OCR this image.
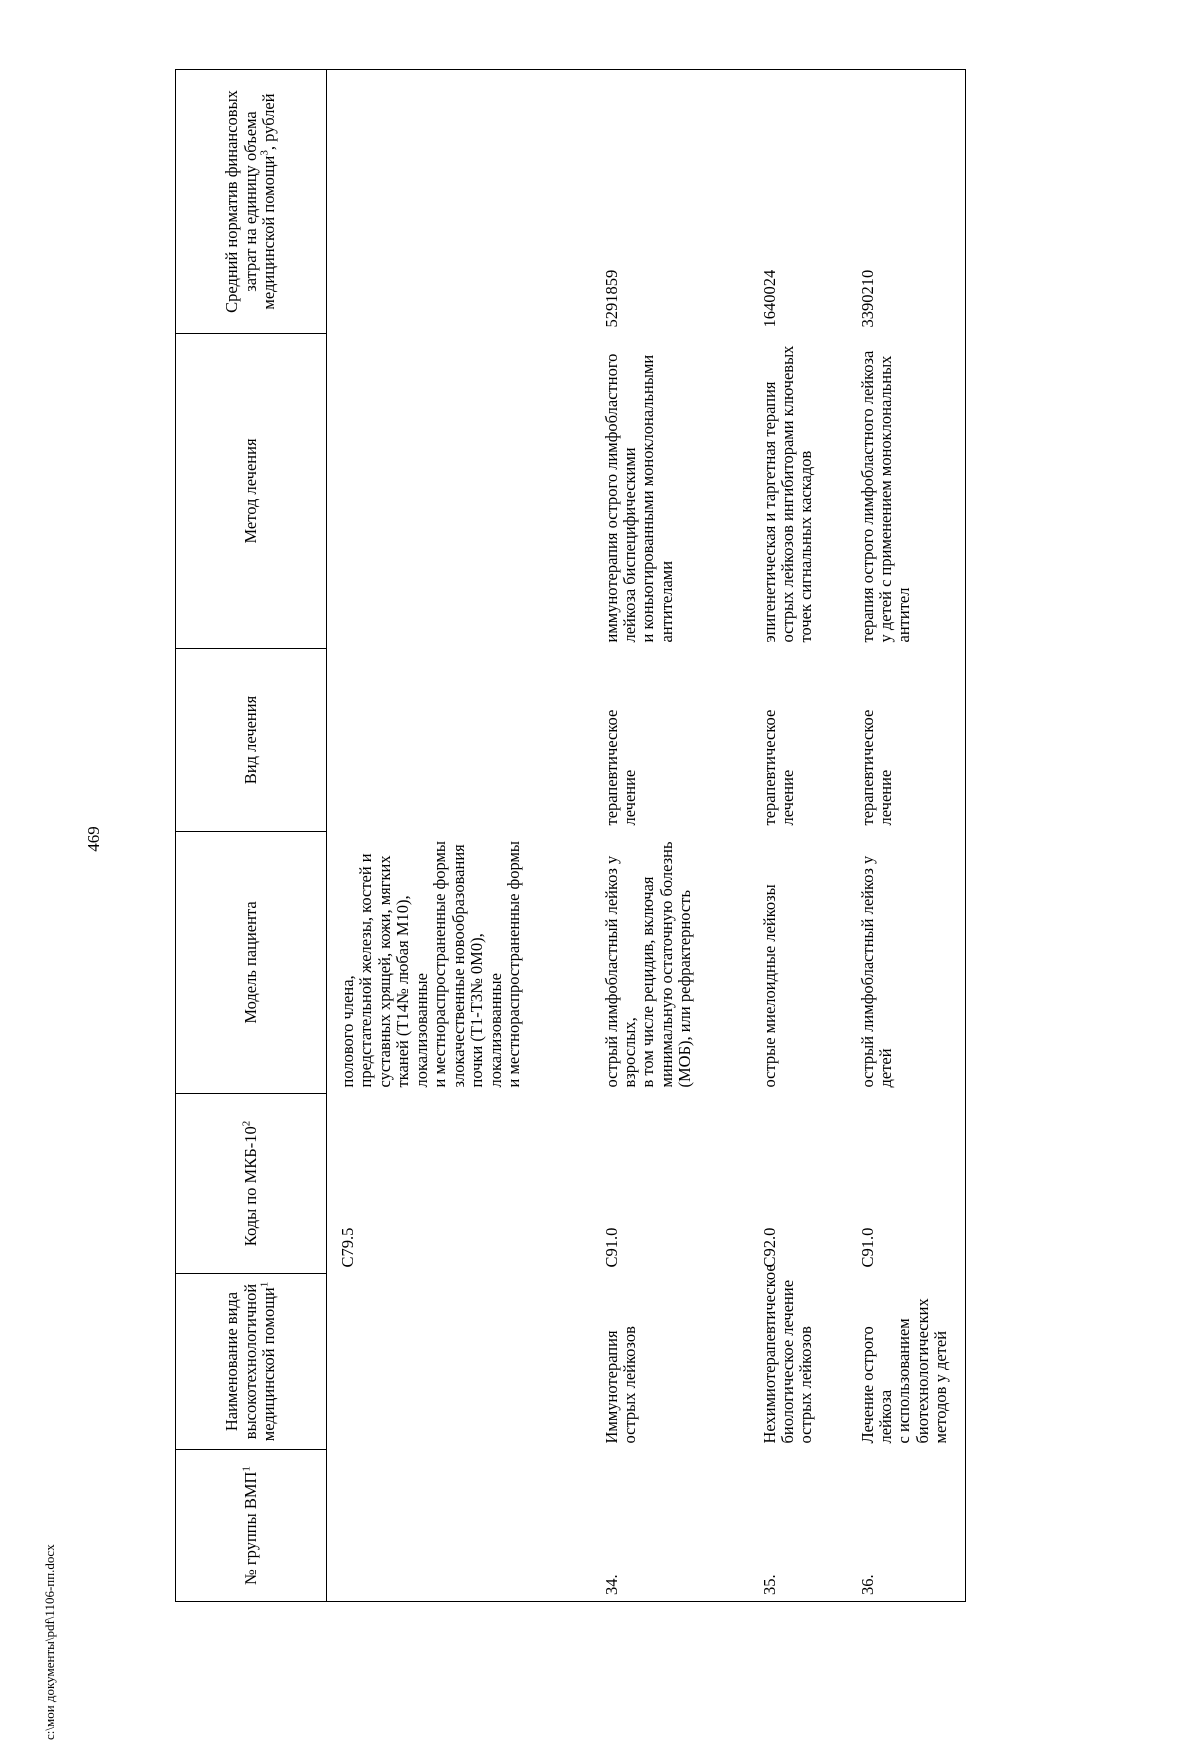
469
№ группы ВМП$^1$	Наименование вида высокотехнологичной медицинской помощи$^1$	Коды по МКБ-$10^2$	Модель пациента	Вид лечения	Метод лечения	Средний норматив финансовых затрат на единицу объема медицинской помощи$^3$, рублей
		C79.5	полового члена,
предстательной железы, костей и суставных хрящей, кожи, мягких тканей (T14№ любая M10), локализованные
и местнораспространенные формы злокачественные новообразования почки (T1-T3№ 0M0), локализованные
и местнораспространенные формы			
34.	Иммунотерапия острых лейкозов	C91.0	острый лимфобластный лейкоз у взрослых,
в том числе рецидив, включая минимальную остаточную болезнь (МОБ), или рефрактерность	терапевтическое лечение	иммунотерапия острого лимфобластного лейкоза биспецифическими
и коньюгированными моноклональными антителами	5291859
35.	Нехимиотерапевтическое биологическое лечение острых лейкозов	C92.0	острые миелоидные лейкозы	терапевтическое лечение	эпигенетическая и таргетная терапия острых лейкозов ингибиторами ключевых точек сигнальных каскадов	1640024
36.	Лечение острого лейкоза
с использованием биотехнологических методов у детей	C91.0	острый лимфобластный лейкоз у детей	терапевтическое лечение	терапия острого лимфобластного лейкоза у детей с применением моноклональных антител	3390210
c:\мои документы\pdf\1106-пп.docx
